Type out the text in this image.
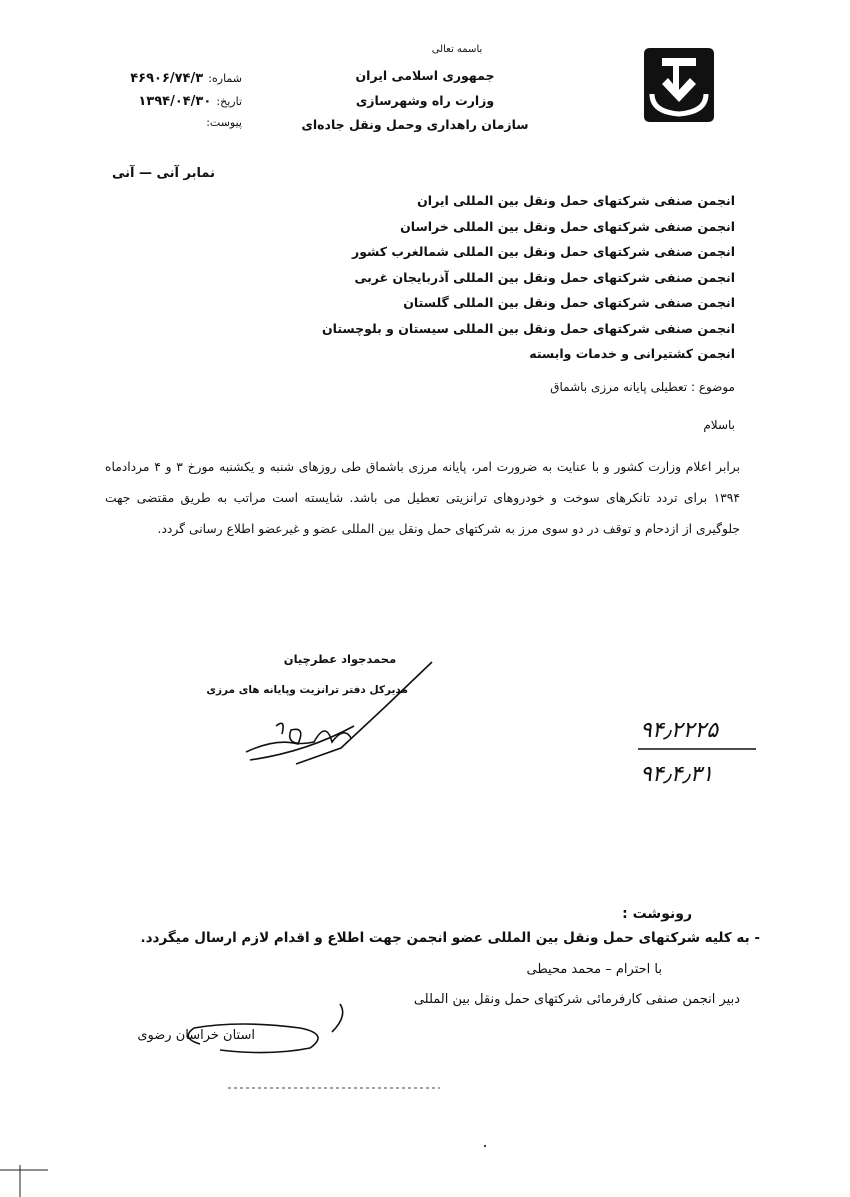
باسمه تعالی
جمهوری اسلامی ایران
وزارت راه وشهرسازی
سازمان راهداری وحمل ونقل جاده‌ای
شماره: ۴۶۹۰۶/۷۴/۳
تاریخ: ۱۳۹۴/۰۴/۳۰
پیوست:
نمابر آنی — آنی
انجمن صنفی شرکتهای حمل ونقل بین المللی ایران
انجمن صنفی شرکتهای حمل ونقل بین المللی خراسان
انجمن صنفی شرکتهای حمل ونقل بین المللی شمالغرب کشور
انجمن صنفی شرکتهای حمل ونقل بین المللی آذربایجان غربی
انجمن صنفی شرکتهای حمل ونقل بین المللی گلستان
انجمن صنفی شرکتهای حمل ونقل بین المللی سیستان و بلوچستان
انجمن کشتیرانی و خدمات وابسته
موضوع : تعطیلی پایانه مرزی باشماق
باسلام
برابر اعلام وزارت کشور و با عنایت به ضرورت امر، پایانه مرزی باشماق طی روزهای شنبه و یکشنبه مورخ ۳ و ۴ مردادماه ۱۳۹۴ برای تردد تانکرهای سوخت و خودروهای ترانزیتی تعطیل می باشد. شایسته است مراتب به طریق مقتضی جهت جلوگیری از ازدحام و توقف در دو سوی مرز به شرکتهای حمل ونقل بین المللی عضو و غیرعضو اطلاع رسانی گردد.
محمدجواد عطرچیان
مدیرکل دفتر ترانزیت وپایانه های مرزی
۹۴٫۲۲۲۵
۹۴٫۴٫۳۱
رونوشت :
- به کلیه شرکتهای حمل ونقل بین المللی عضو انجمن جهت اطلاع و اقدام لازم ارسال میگردد.
با احترام – محمد محیطی
دبیر انجمن صنفی کارفرمائی شرکتهای حمل ونقل بین المللی
استان خراسان رضوی
